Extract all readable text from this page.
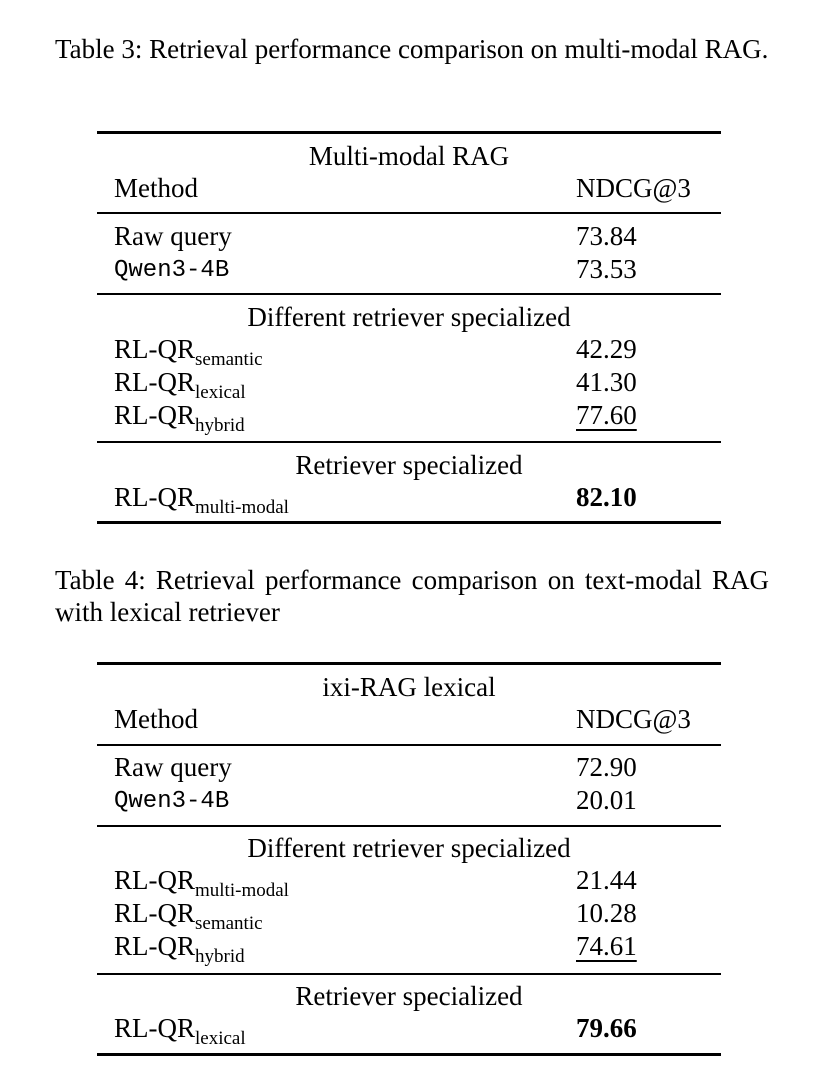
Table 3: Retrieval performance comparison on multi-modal RAG.
Multi-modal RAG
Method	NDCG@3
Raw query	73.84
Qwen3-4B	73.53
Different retriever specialized
$RL-QR_{semantic}$	42.29
$RL-QR_{lexical}$	41.30
$RL-QR_{hybrid}$	77.60
Retriever specialized
$RL-QR_{multi-modal}$	82.10
Table 4: Retrieval performance comparison on text-modal RAG with lexical retriever
ixi-RAG lexical
Method	NDCG@3
Raw query	72.90
Qwen3-4B	20.01
Different retriever specialized
$RL-QR_{multi-modal}$	21.44
$RL-QR_{semantic}$	10.28
$RL-QR_{hybrid}$	74.61
Retriever specialized
$RL-QR_{lexical}$	79.66
